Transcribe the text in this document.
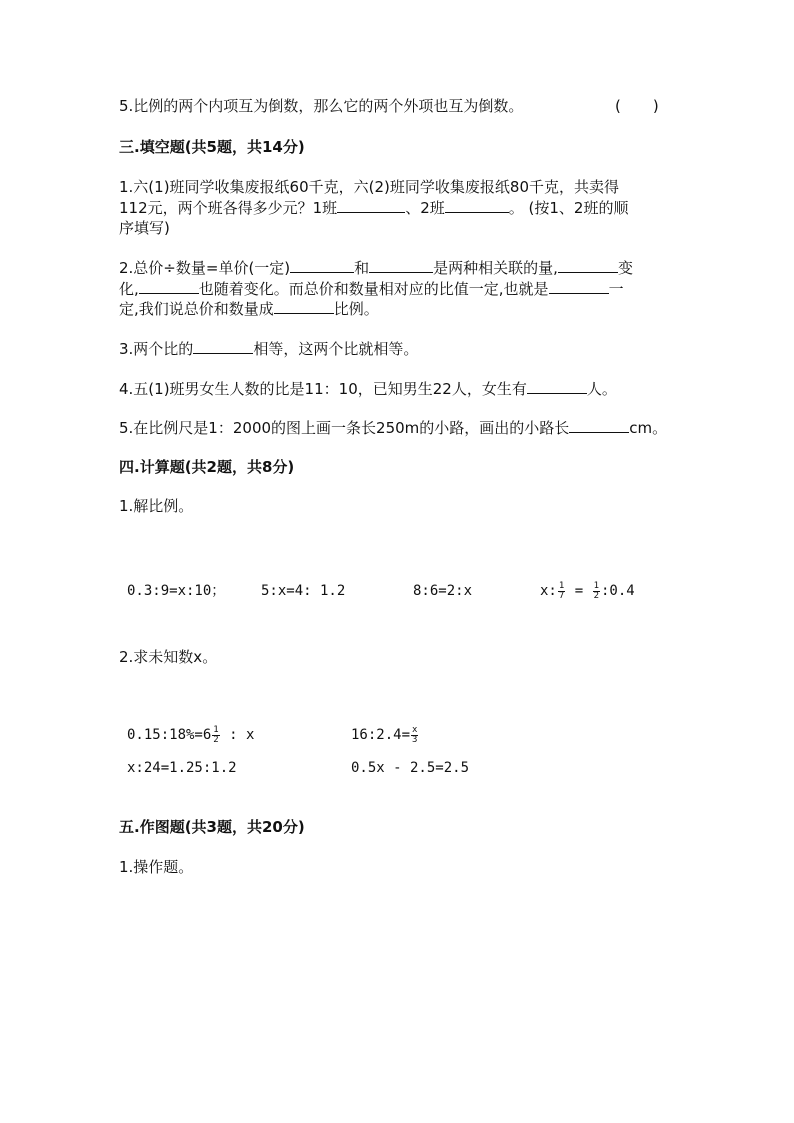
5.比例的两个内项互为倒数，那么它的两个外项也互为倒数。	( )
三.填空题(共5题，共14分)
1.六(1)班同学收集废报纸60千克，六(2)班同学收集废报纸80千克，共卖得
112元，两个班各得多少元？1班	、2班	。 (按1、2班的顺
序填写)
2.总价÷数量=单价(一定)	和	是两种相关联的量,	变
化,	也随着变化。而总价和数量相对应的比值一定,也就是	一
定,我们说总价和数量成	比例。
3.两个比的	相等，这两个比就相等。
4.五(1)班男女生人数的比是11：10，已知男生22人，女生有	人。
5.在比例尺是1：2000的图上画一条长250m的小路，画出的小路长	cm。
四.计算题(共2题，共8分)
1.解比例。
0.3:9=x:10；	5:x=4: 1.2	8:6=2:x	x: $\frac{1}{7} = \frac{1}{2}$ :0.4
2.求未知数x。
0.15:18%=6 $\frac{1}{2}$ : x	16:2.4= $\frac{x}{3}$
x:24=1.25:1.2	0.5x - 2.5=2.5
五.作图题(共3题，共20分)
1.操作题。
